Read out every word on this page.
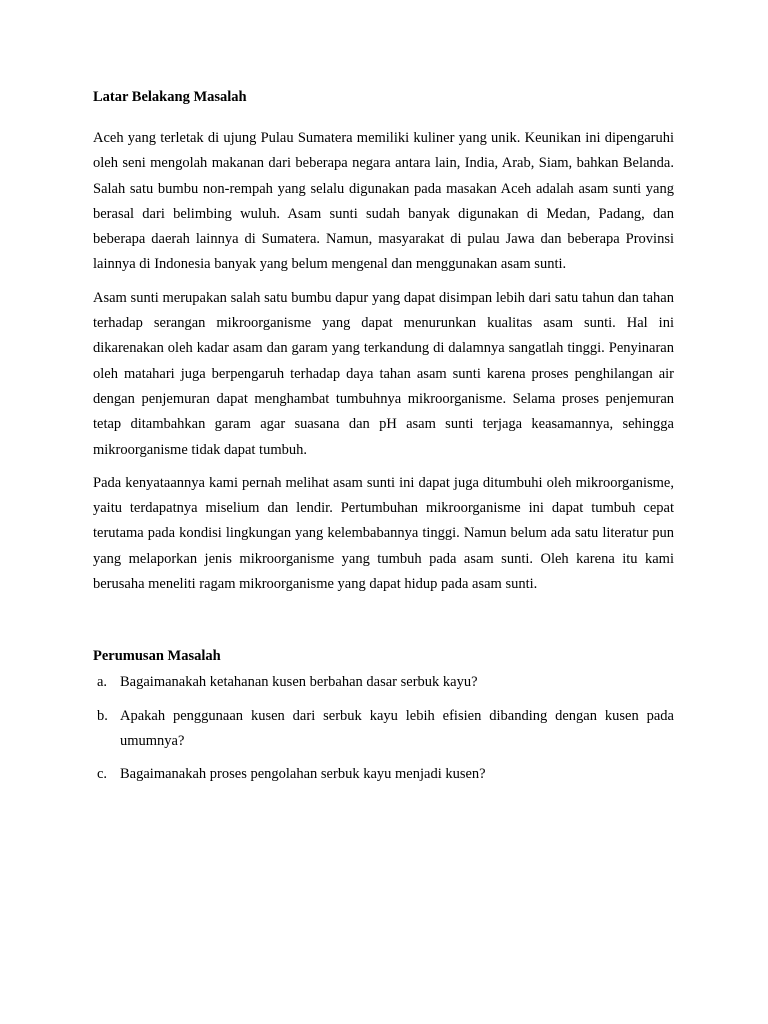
Latar Belakang Masalah

Aceh yang terletak di ujung Pulau Sumatera memiliki kuliner yang unik. Keunikan ini dipengaruhi oleh seni mengolah makanan dari beberapa negara antara lain, India, Arab, Siam, bahkan Belanda. Salah satu bumbu non-rempah yang selalu digunakan pada masakan Aceh adalah asam sunti yang berasal dari belimbing wuluh. Asam sunti sudah banyak digunakan di Medan, Padang, dan beberapa daerah lainnya di Sumatera. Namun, masyarakat di pulau Jawa dan beberapa Provinsi lainnya di Indonesia banyak yang belum mengenal dan menggunakan asam sunti.

Asam sunti merupakan salah satu bumbu dapur yang dapat disimpan lebih dari satu tahun dan tahan terhadap serangan mikroorganisme yang dapat menurunkan kualitas asam sunti. Hal ini dikarenakan oleh kadar asam dan garam yang terkandung di dalamnya sangatlah tinggi. Penyinaran oleh matahari juga berpengaruh terhadap daya tahan asam sunti karena proses penghilangan air dengan penjemuran dapat menghambat tumbuhnya mikroorganisme. Selama proses penjemuran tetap ditambahkan garam agar suasana dan pH asam sunti terjaga keasamannya, sehingga mikroorganisme tidak dapat tumbuh.

Pada kenyataannya kami pernah melihat asam sunti ini dapat juga ditumbuhi oleh mikroorganisme, yaitu terdapatnya miselium dan lendir. Pertumbuhan mikroorganisme ini dapat tumbuh cepat terutama pada kondisi lingkungan yang kelembabannya tinggi. Namun belum ada satu literatur pun yang melaporkan jenis mikroorganisme yang tumbuh pada asam sunti. Oleh karena itu kami berusaha meneliti ragam mikroorganisme yang dapat hidup pada asam sunti.

Perumusan Masalah

a. Bagaimanakah ketahanan kusen berbahan dasar serbuk kayu?
b. Apakah penggunaan kusen dari serbuk kayu lebih efisien dibanding dengan kusen pada umumnya?
c. Bagaimanakah proses pengolahan serbuk kayu menjadi kusen?
